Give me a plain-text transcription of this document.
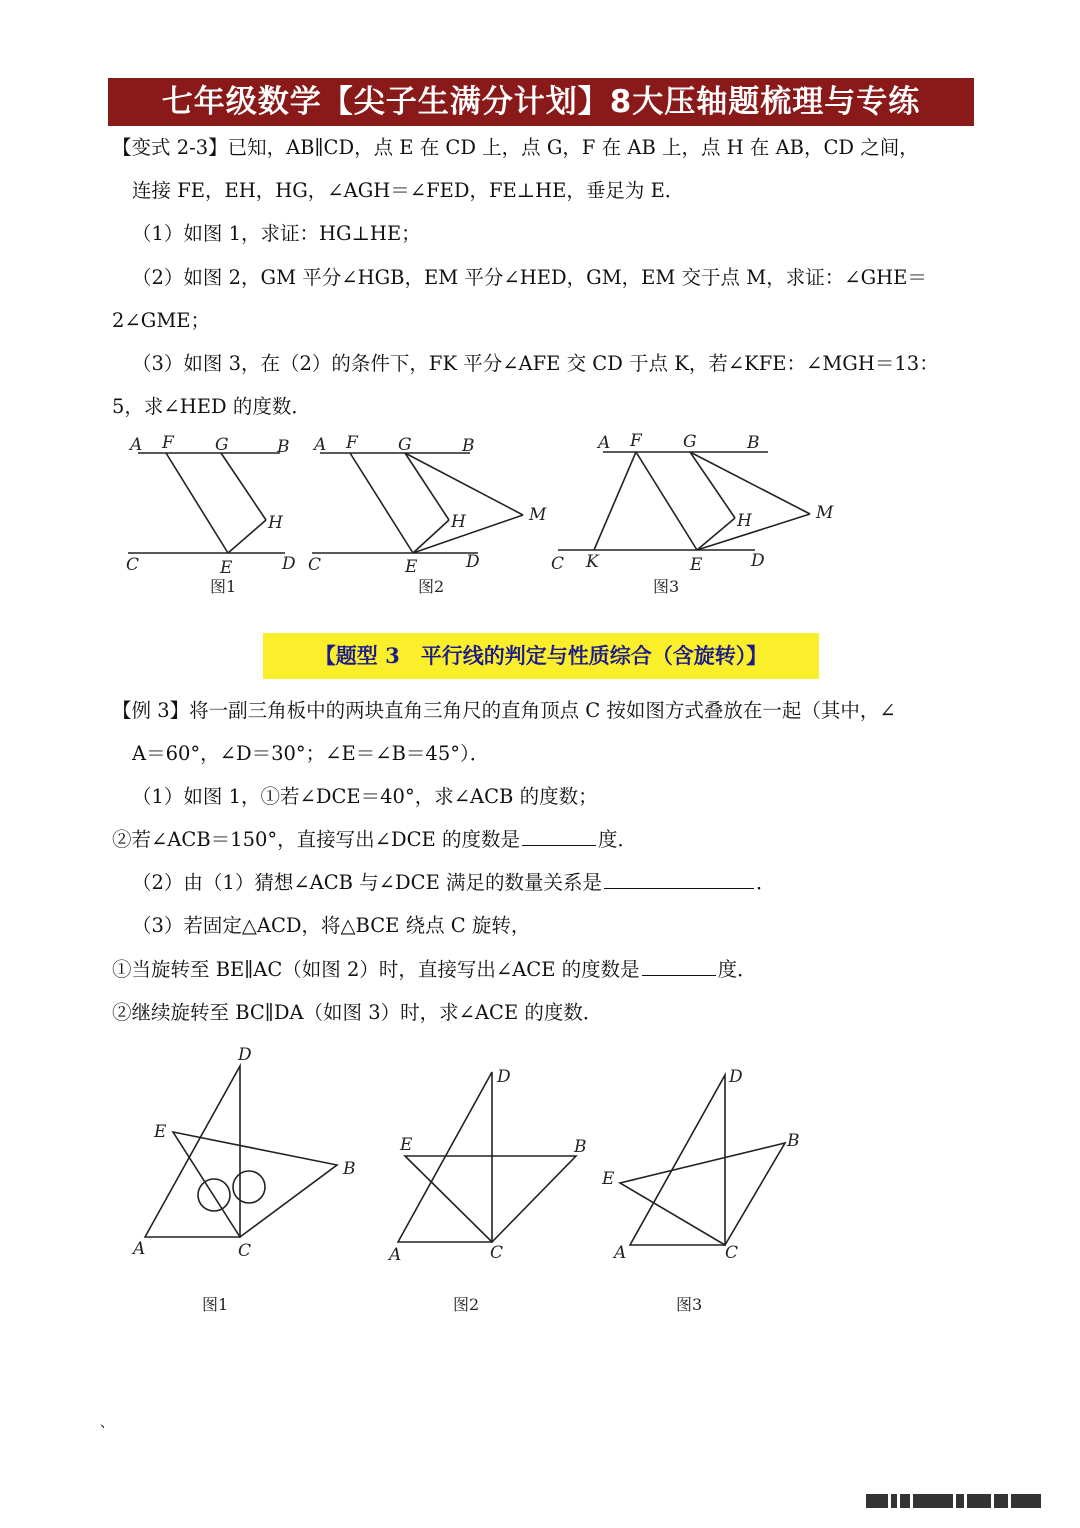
七年级数学【尖子生满分计划】8大压轴题梳理与专练
【变式 2-3】已知，AB∥CD，点 E 在 CD 上，点 G，F 在 AB 上，点 H 在 AB，CD 之间，
连接 FE，EH，HG，∠AGH＝∠FED，FE⊥HE，垂足为 E．
（1）如图 1，求证：HG⊥HE；
（2）如图 2，GM 平分∠HGB，EM 平分∠HED，GM，EM 交于点 M，求证：∠GHE＝
2∠GME；
（3）如图 3，在（2）的条件下，FK 平分∠AFE 交 CD 于点 K，若∠KFE：∠MGH＝13：
5，求∠HED 的度数．
A F G	B
H
C	E	D
图1
A F G	B
H	M
C	E	D
图2
A F G	B
H	M
C K	E	D
图3
【题型 3　平行线的判定与性质综合（含旋转）】
【例 3】将一副三角板中的两块直角三角尺的直角顶点 C 按如图方式叠放在一起（其中，∠
A＝60°，∠D＝30°；∠E＝∠B＝45°）．
（1）如图 1，①若∠DCE＝40°，求∠ACB 的度数；
②若∠ACB＝150°，直接写出∠DCE 的度数是	度．
（2）由（1）猜想∠ACB 与∠DCE 满足的数量关系是	．
（3）若固定△ACD，将△BCE 绕点 C 旋转，
①当旋转至 BE∥AC（如图 2）时，直接写出∠ACE 的度数是	度．
②继续旋转至 BC∥DA（如图 3）时，求∠ACE 的度数．
D
E
B
A	C
图1
D
E	B
A	C
图2
D
E
B
A	C
图3
、
